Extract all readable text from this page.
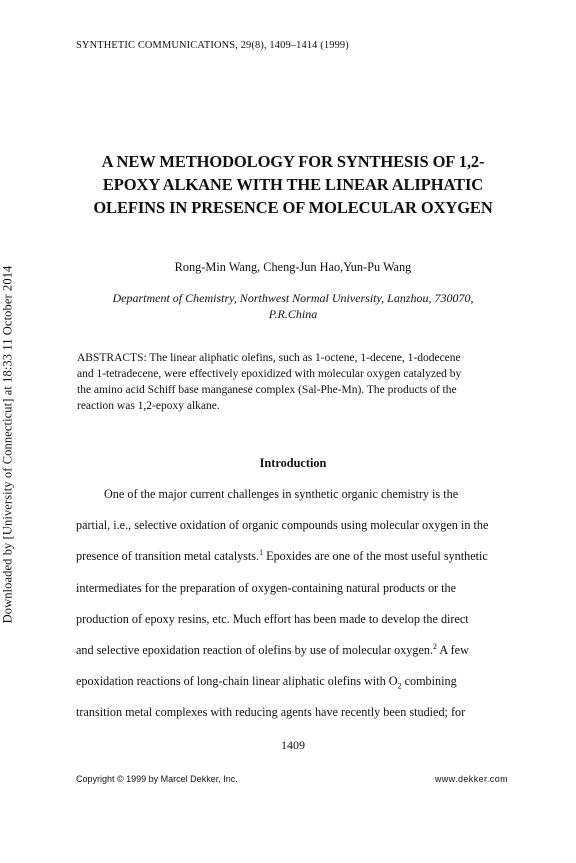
Downloaded by [University of Connecticut] at 18:33 11 October 2014
SYNTHETIC COMMUNICATIONS, 29(8), 1409–1414 (1999)
A NEW METHODOLOGY FOR SYNTHESIS OF 1,2-
EPOXY ALKANE WITH THE LINEAR ALIPHATIC
OLEFINS IN PRESENCE OF MOLECULAR OXYGEN
Rong-Min Wang, Cheng-Jun Hao,Yun-Pu Wang
Department of Chemistry, Northwest Normal University, Lanzhou, 730070,
P.R.China
ABSTRACTS: The linear aliphatic olefins, such as 1-octene, 1-decene, 1-dodecene
and 1-tetradecene, were effectively epoxidized with molecular oxygen catalyzed by
the amino acid Schiff base manganese complex (Sal-Phe-Mn). The products of the
reaction was 1,2-epoxy alkane.
Introduction
One of the major current challenges in synthetic organic chemistry is the
partial, i.e., selective oxidation of organic compounds using molecular oxygen in the
presence of transition metal catalysts.$^1$ Epoxides are one of the most useful synthetic
intermediates for the preparation of oxygen-containing natural products or the
production of epoxy resins, etc. Much effort has been made to develop the direct
and selective epoxidation reaction of olefins by use of molecular oxygen.$^2$ A few
epoxidation reactions of long-chain linear aliphatic olefins with $O_2$ combining
transition metal complexes with reducing agents have recently been studied; for
1409
Copyright © 1999 by Marcel Dekker, Inc.	www.dekker.com
